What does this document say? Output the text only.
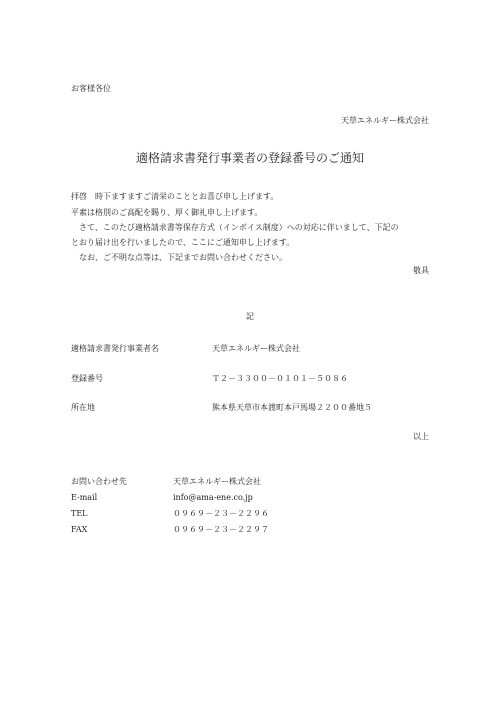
お客様各位
天草エネルギー株式会社
適格請求書発行事業者の登録番号のご通知
拝啓　時下ますますご清栄のこととお喜び申し上げます。
平素は格別のご高配を賜り、厚く御礼申し上げます。
　さて、このたび適格請求書等保存方式（インボイス制度）への対応に伴いまして、下記の
とおり届け出を行いましたので、ここにご通知申し上げます。
　なお、ご不明な点等は、下記までお問い合わせください。
敬具
記
適格請求書発行事業者名	天草エネルギー株式会社
登録番号	Ｔ２－３３００－０１０１－５０８６
所在地	熊本県天草市本渡町本戸馬場２２００番地５
以上
お問い合わせ先	天草エネルギー株式会社
E-mail	info@ama-ene.co.jp
TEL	０９６９－２３－２２９６
FAX	０９６９－２３－２２９７
